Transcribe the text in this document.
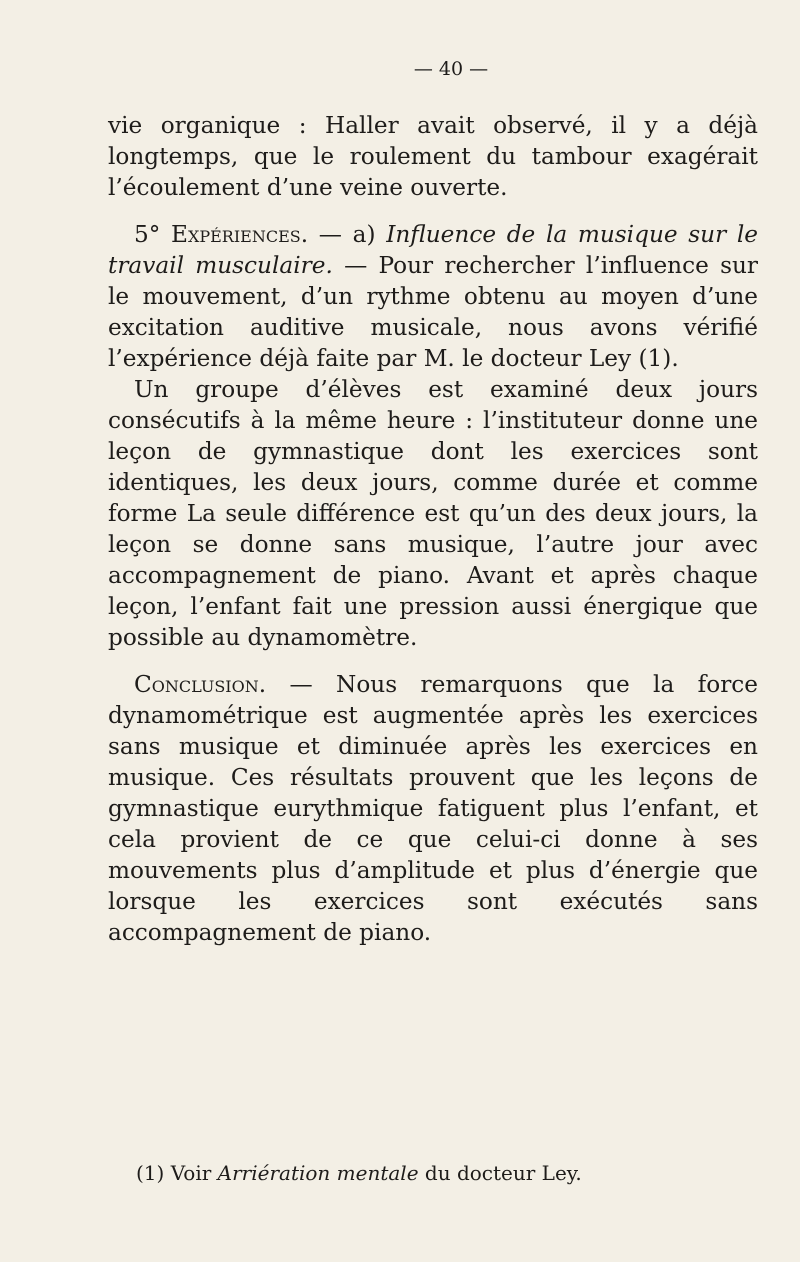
— 40 —

vie organique : Haller avait observé, il y a déjà longtemps, que le roulement du tambour exagérait l’écoulement d’une veine ouverte.

5° Expériences. — a) Influence de la musique sur le travail musculaire. — Pour rechercher l’influence sur le mouvement, d’un rythme obtenu au moyen d’une excitation auditive musicale, nous avons vérifié l’expérience déjà faite par M. le docteur Ley (1).

Un groupe d’élèves est examiné deux jours consécutifs à la même heure : l’instituteur donne une leçon de gymnastique dont les exercices sont identiques, les deux jours, comme durée et comme forme La seule différence est qu’un des deux jours, la leçon se donne sans musique, l’autre jour avec accompagnement de piano. Avant et après chaque leçon, l’enfant fait une pression aussi énergique que possible au dynamomètre.

Conclusion. — Nous remarquons que la force dynamométrique est augmentée après les exercices sans musique et diminuée après les exercices en musique. Ces résultats prouvent que les leçons de gymnastique eurythmique fatiguent plus l’enfant, et cela provient de ce que celui-ci donne à ses mouvements plus d’amplitude et plus d’énergie que lorsque les exercices sont exécutés sans accompagnement de piano.

(1) Voir Arriération mentale du docteur Ley.
